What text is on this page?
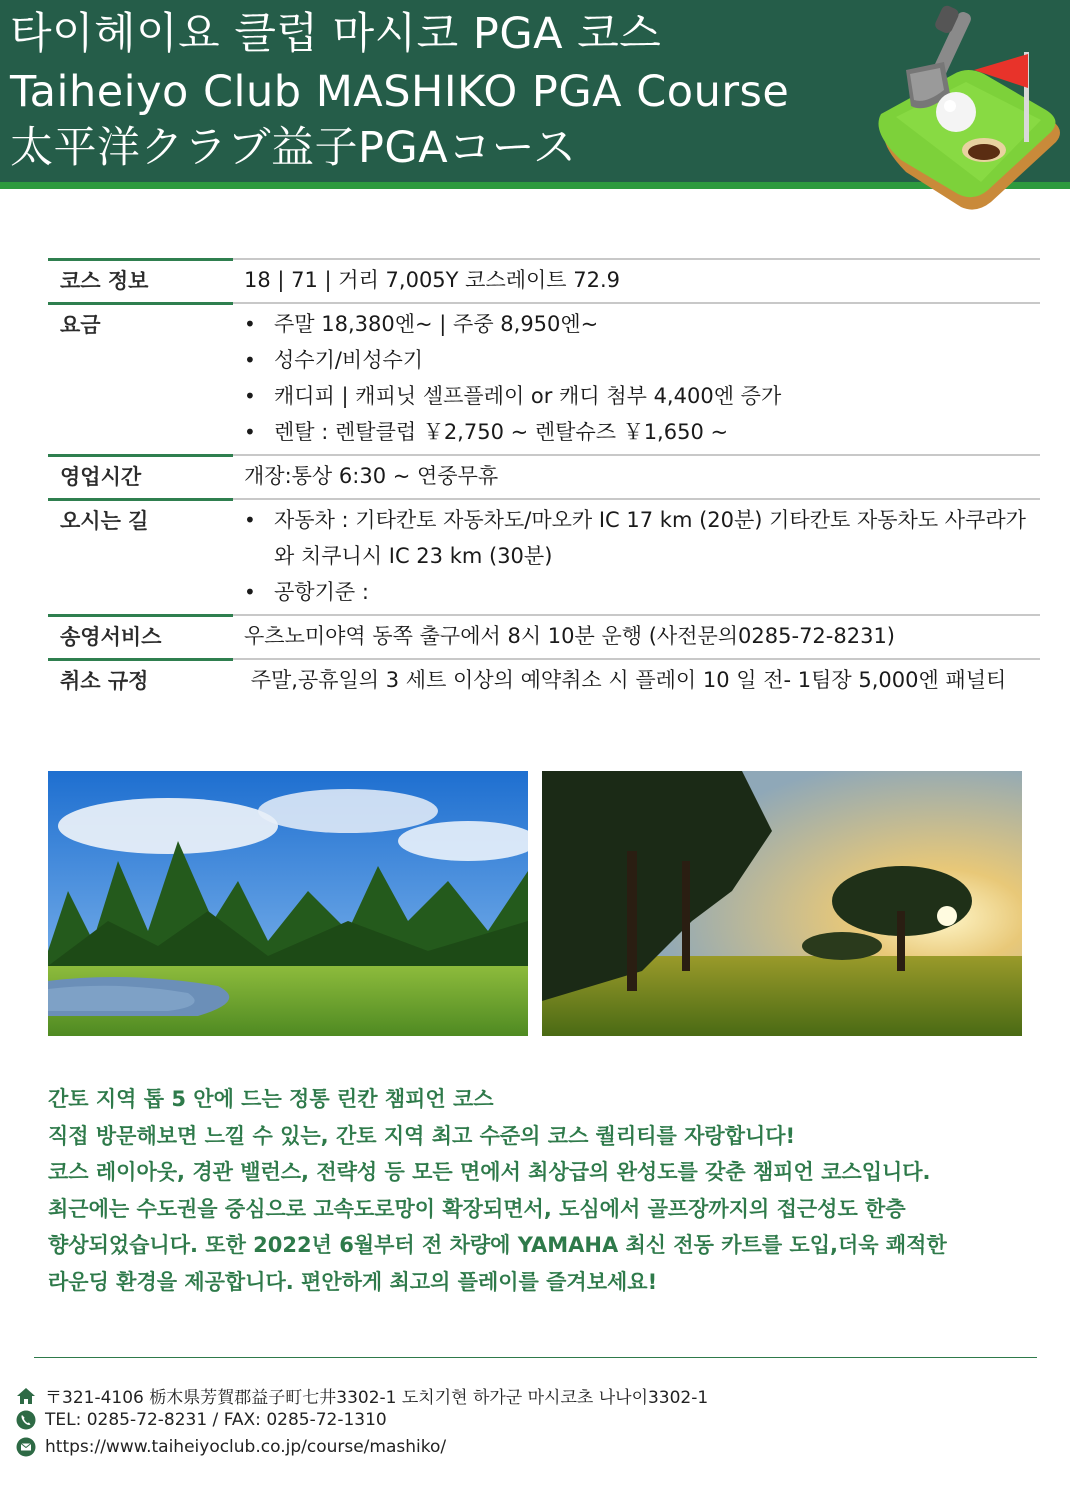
타이헤이요 클럽 마시코 PGA 코스
Taiheiyo Club MASHIKO PGA Course
太平洋クラブ益子PGAコース
코스 정보	18 | 71 | 거리 7,005Y 코스레이트 72.9
요금	• 주말 18,380엔~ | 주중 8,950엔~
• 성수기/비성수기
• 캐디피 | 캐피닛 셀프플레이 or 캐디 첨부 4,400엔 증가
• 렌탈 : 렌탈클럽 ￥2,750 ~ 렌탈슈즈 ￥1,650 ~
영업시간	개장:통상 6:30 ~ 연중무휴
오시는 길	• 자동차 : 기타칸토 자동차도/마오카 IC 17 km (20분) 기타칸토 자동차도 사쿠라가와 치쿠니시 IC 23 km (30분)
• 공항기준 :
송영서비스	우츠노미야역 동쪽 출구에서 8시 10분 운행 (사전문의0285-72-8231)
취소 규정	주말,공휴일의 3 세트 이상의 예약취소 시 플레이 10 일 전- 1팀장 5,000엔 패널티
간토 지역 톱 5 안에 드는 정통 린칸 챔피언 코스
직접 방문해보면 느낄 수 있는, 간토 지역 최고 수준의 코스 퀄리티를 자랑합니다!
코스 레이아웃, 경관 밸런스, 전략성 등 모든 면에서 최상급의 완성도를 갖춘 챔피언 코스입니다.
최근에는 수도권을 중심으로 고속도로망이 확장되면서, 도심에서 골프장까지의 접근성도 한층
향상되었습니다. 또한 2022년 6월부터 전 차량에 YAMAHA 최신 전동 카트를 도입,더욱 쾌적한
라운딩 환경을 제공합니다. 편안하게 최고의 플레이를 즐겨보세요!
〒321-4106 栃木県芳賀郡益子町七井3302-1 도치기현 하가군 마시코초 나나이3302-1
TEL: 0285-72-8231 / FAX: 0285-72-1310
https://www.taiheiyoclub.co.jp/course/mashiko/
